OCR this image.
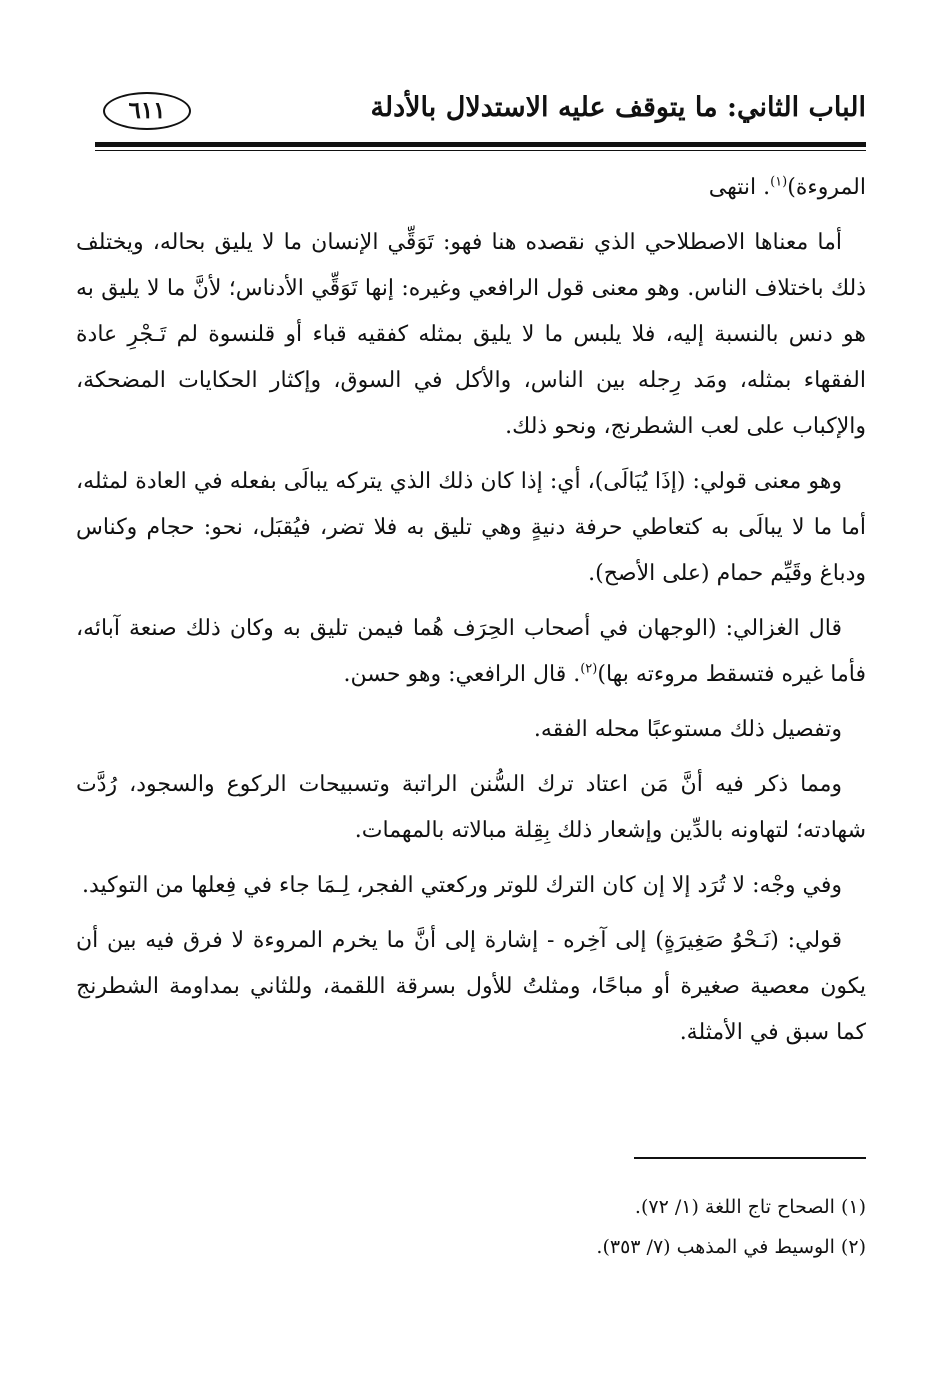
الباب الثاني: ما يتوقف عليه الاستدلال بالأدلة
٦١١

المروءة)$^{(١)}$. انتهى

أما معناها الاصطلاحي الذي نقصده هنا فهو: تَوَقِّي الإنسان ما لا يليق بحاله، ويختلف ذلك باختلاف الناس. وهو معنى قول الرافعي وغيره: إنها تَوَقِّي الأدناس؛ لأنَّ ما لا يليق به هو دنس بالنسبة إليه، فلا يلبس ما لا يليق بمثله كفقيه قباء أو قلنسوة لم تَـجْرِ عادة الفقهاء بمثله، ومَد رِجله بين الناس، والأكل في السوق، وإكثار الحكايات المضحكة، والإكباب على لعب الشطرنج، ونحو ذلك.

وهو معنى قولي: (إذَا يُبَالَى)، أي: إذا كان ذلك الذي يتركه يبالَى بفعله في العادة لمثله، أما ما لا يبالَى به كتعاطي حرفة دنيةٍ وهي تليق به فلا تضر، فيُقبَل، نحو: حجام وكناس ودباغ وقَيِّم حمام (على الأصح).

قال الغزالي: (الوجهان في أصحاب الحِرَف هُما فيمن تليق به وكان ذلك صنعة آبائه، فأما غيره فتسقط مروءته بها)$^{(٢)}$. قال الرافعي: وهو حسن.

وتفصيل ذلك مستوعبًا محله الفقه.

ومما ذكر فيه أنَّ مَن اعتاد ترك السُّنن الراتبة وتسبيحات الركوع والسجود، رُدَّت شهادته؛ لتهاونه بالدِّين وإشعار ذلك بِقِلة مبالاته بالمهمات.

وفي وجْه: لا تُرَد إلا إن كان الترك للوتر وركعتي الفجر، لِـمَا جاء في فِعلها من التوكيد.

قولي: (نَـحْوُ صَغِيرَةٍ) إلى آخِره - إشارة إلى أنَّ ما يخرم المروءة لا فرق فيه بين أن يكون معصية صغيرة أو مباحًا، ومثلتُ للأول بسرقة اللقمة، وللثاني بمداومة الشطرنج كما سبق في الأمثلة.

(١) الصحاح تاج اللغة (١/ ٧٢).

(٢) الوسيط في المذهب (٧/ ٣٥٣).
